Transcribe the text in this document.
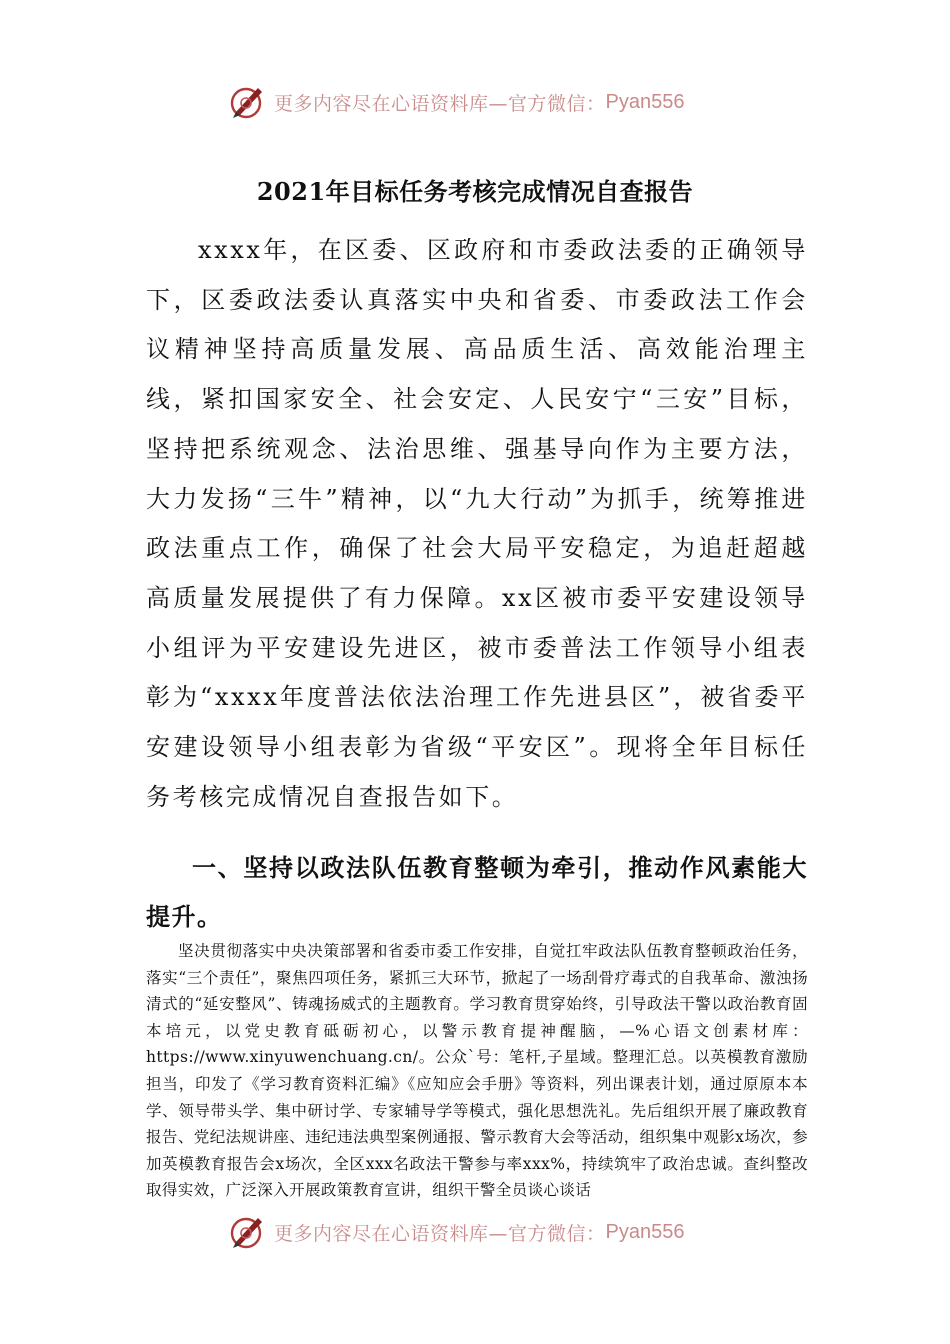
更多内容尽在心语资料库—官方微信： Pyan556
2021年目标任务考核完成情况自查报告

xxxx年，在区委、区政府和市委政法委的正确领导下，区委政法委认真落实中央和省委、市委政法工作会议精神坚持高质量发展、高品质生活、高效能治理主线，紧扣国家安全、社会安定、人民安宁“三安”目标，坚持把系统观念、法治思维、强基导向作为主要方法，大力发扬“三牛”精神，以“九大行动”为抓手，统筹推进政法重点工作，确保了社会大局平安稳定，为追赶超越高质量发展提供了有力保障。xx区被市委平安建设领导小组评为平安建设先进区，被市委普法工作领导小组表彰为“xxxx年度普法依法治理工作先进县区”，被省委平安建设领导小组表彰为省级“平安区”。现将全年目标任务考核完成情况自查报告如下。

一、坚持以政法队伍教育整顿为牵引，推动作风素能大提升。

坚决贯彻落实中央决策部署和省委市委工作安排，自觉扛牢政法队伍教育整顿政治任务，落实“三个责任”，聚焦四项任务，紧抓三大环节，掀起了一场刮骨疗毒式的自我革命、激浊扬清式的“延安整风”、铸魂扬威式的主题教育。学习教育贯穿始终，引导政法干警以政治教育固本培元，以党史教育砥砺初心，以警示教育提神醒脑，—%心语文创素材库：https://www.xinyuwenchuang.cn/。公众`号：笔杆,子星域。整理汇总。以英模教育激励担当，印发了《学习教育资料汇编》《应知应会手册》等资料，列出课表计划，通过原原本本学、领导带头学、集中研讨学、专家辅导学等模式，强化思想洗礼。先后组织开展了廉政教育报告、党纪法规讲座、违纪违法典型案例通报、警示教育大会等活动，组织集中观影x场次，参加英模教育报告会x场次，全区xxx名政法干警参与率xxx%，持续筑牢了政治忠诚。查纠整改取得实效，广泛深入开展政策教育宣讲，组织干警全员谈心谈话

更多内容尽在心语资料库—官方微信： Pyan556
